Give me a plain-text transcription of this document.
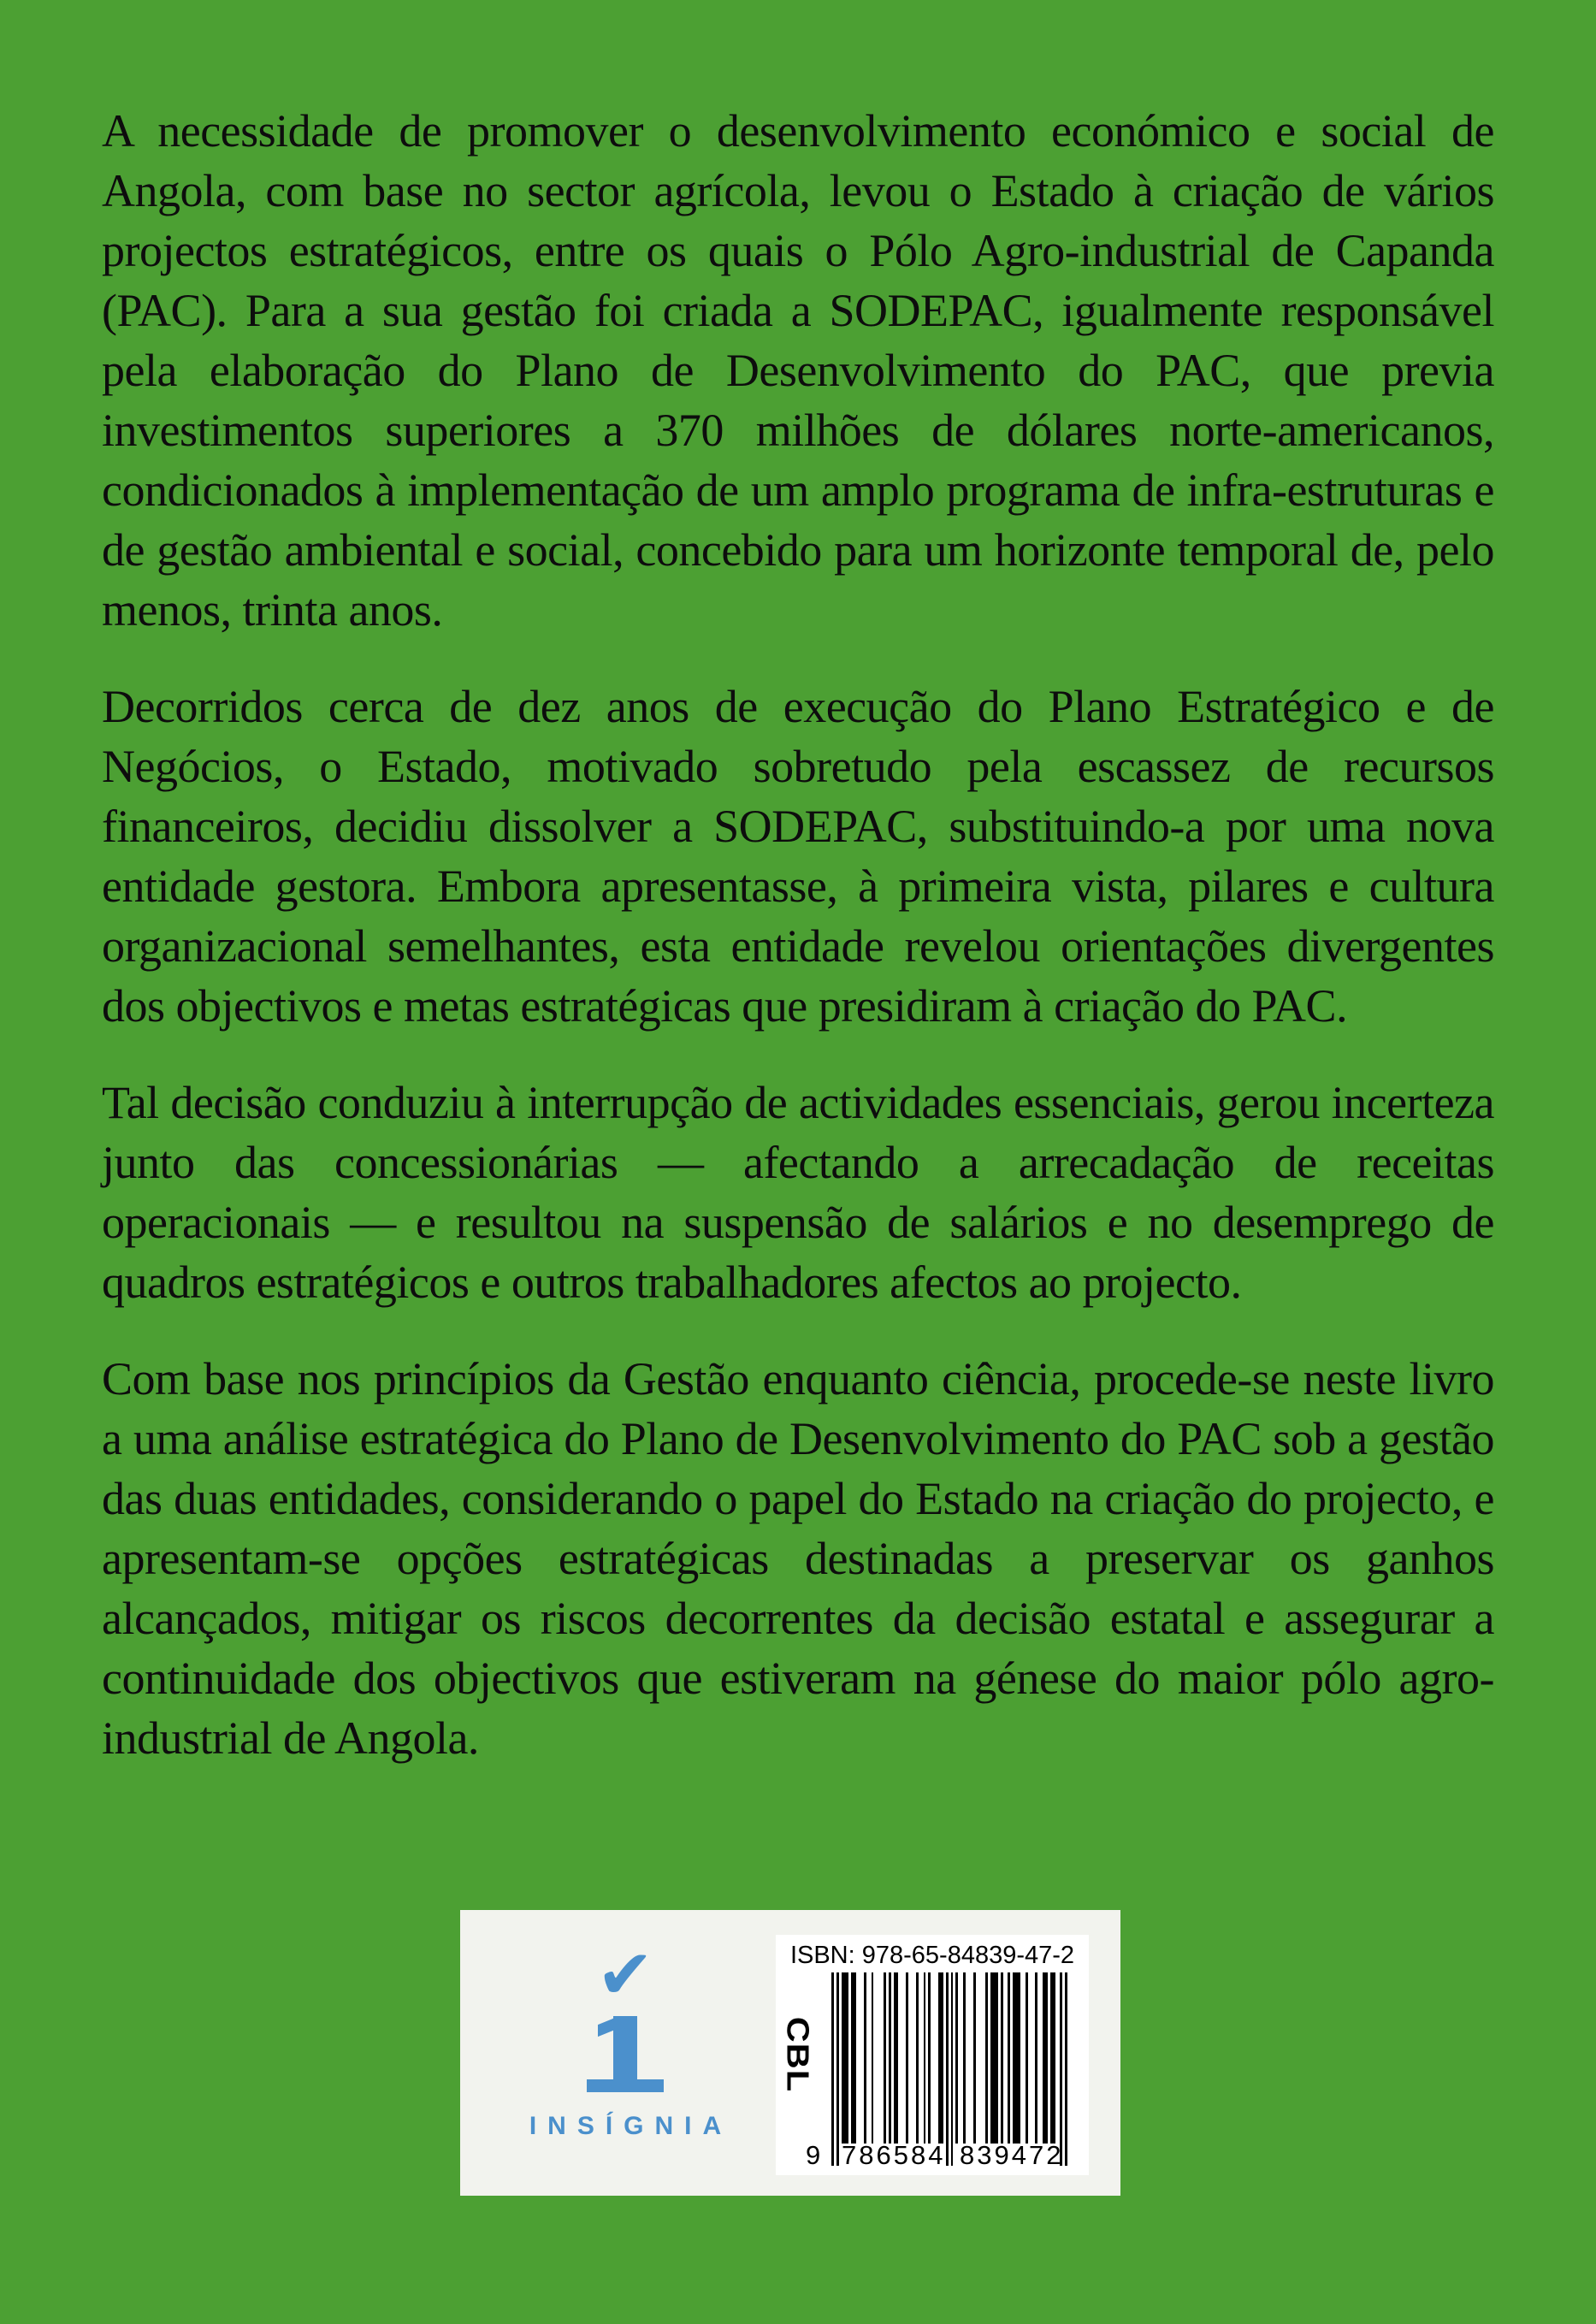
A necessidade de promover o desenvolvimento económico e social de Angola, com base no sector agrícola, levou o Estado à criação de vários projectos estratégicos, entre os quais o Pólo Agro-industrial de Capanda (PAC). Para a sua gestão foi criada a SODEPAC, igualmente responsável pela elaboração do Plano de Desenvolvimento do PAC, que previa investimentos superiores a 370 milhões de dólares norte-americanos, condicionados à implementação de um amplo programa de infra-estruturas e de gestão ambiental e social, concebido para um horizonte temporal de, pelo menos, trinta anos.

Decorridos cerca de dez anos de execução do Plano Estratégico e de Negócios, o Estado, motivado sobretudo pela escassez de recursos financeiros, decidiu dissolver a SODEPAC, substituindo-a por uma nova entidade gestora. Embora apresentasse, à primeira vista, pilares e cultura organizacional semelhantes, esta entidade revelou orientações divergentes dos objectivos e metas estratégicas que presidiram à criação do PAC.

Tal decisão conduziu à interrupção de actividades essenciais, gerou incerteza junto das concessionárias — afectando a arrecadação de receitas operacionais — e resultou na suspensão de salários e no desemprego de quadros estratégicos e outros trabalhadores afectos ao projecto.

Com base nos princípios da Gestão enquanto ciência, procede-se neste livro a uma análise estratégica do Plano de Desenvolvimento do PAC sob a gestão das duas entidades, considerando o papel do Estado na criação do projecto, e apresentam-se opções estratégicas destinadas a preservar os ganhos alcançados, mitigar os riscos decorrentes da decisão estatal e assegurar a continuidade dos objectivos que estiveram na génese do maior pólo agro-industrial de Angola.

✔
INSÍGNIA
ISBN: 978-65-84839-47-2
CBL
9 786584 839472
